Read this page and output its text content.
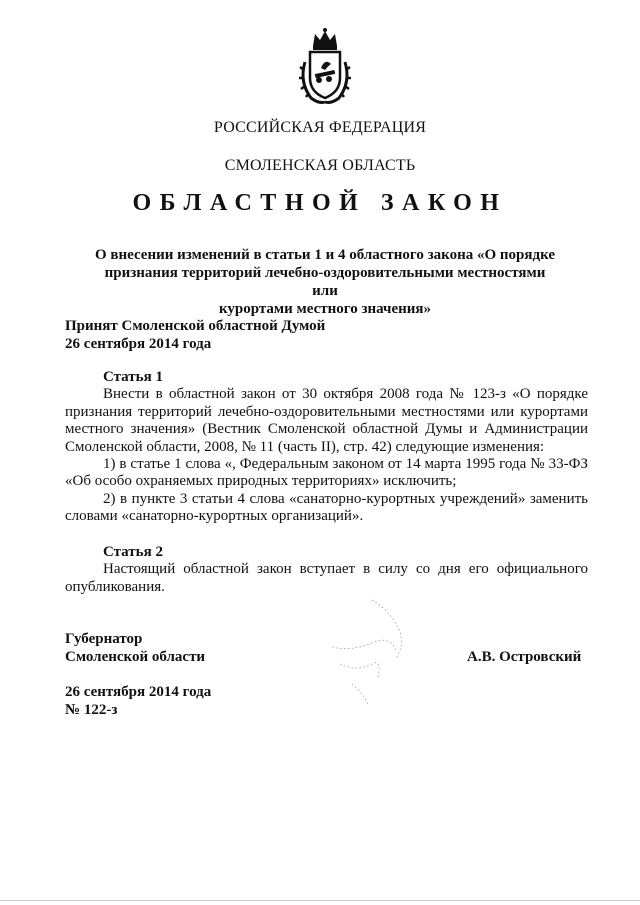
РОССИЙСКАЯ ФЕДЕРАЦИЯ
СМОЛЕНСКАЯ ОБЛАСТЬ
ОБЛАСТНОЙ ЗАКОН
О внесении изменений в статьи 1 и 4 областного закона «О порядке
признания территорий лечебно-оздоровительными местностями или
курортами местного значения»
Принят Смоленской областной Думой
26 сентября 2014 года

Статья 1

Внести в областной закон от 30 октября 2008 года № 123-з «О порядке признания территорий лечебно-оздоровительными местностями или курортами местного значения» (Вестник Смоленской областной Думы и Администрации Смоленской области, 2008, № 11 (часть II), стр. 42) следующие изменения:

1) в статье 1 слова «, Федеральным законом от 14 марта 1995 года № 33-ФЗ «Об особо охраняемых природных территориях» исключить;

2) в пункте 3 статьи 4 слова «санаторно-курортных учреждений» заменить словами «санаторно-курортных организаций».

Статья 2

Настоящий областной закон вступает в силу со дня его официального опубликования.

Губернатор
Смоленской области	А.В. Островский
26 сентября 2014 года
№ 122-з
